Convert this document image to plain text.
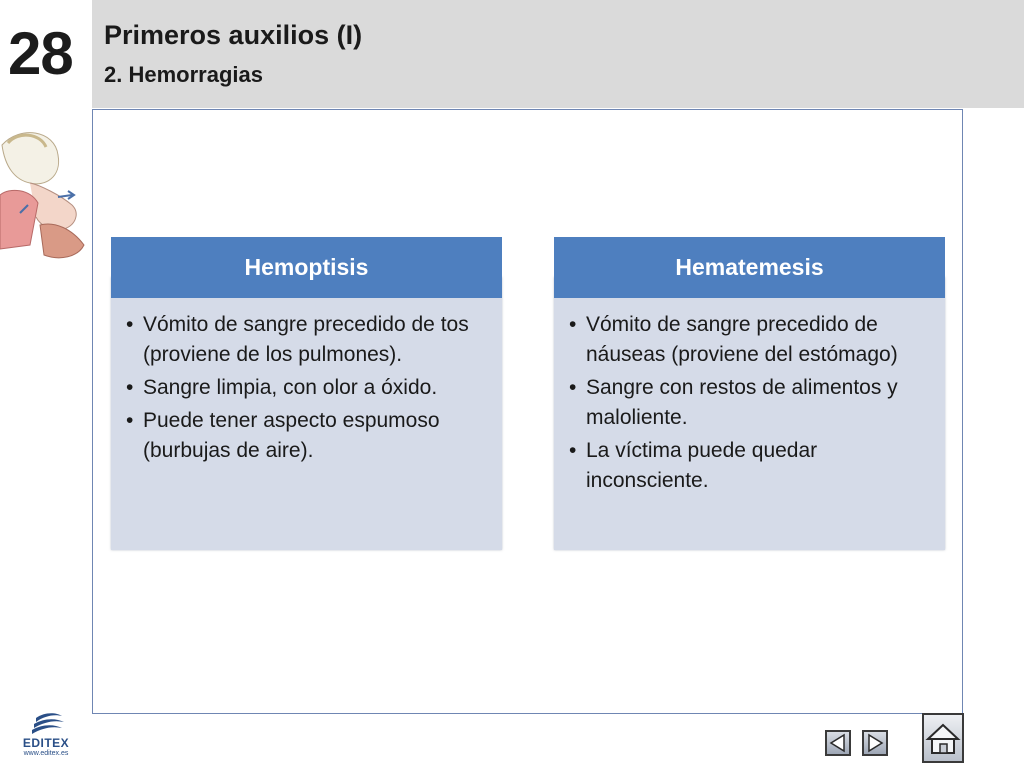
28	Primeros auxilios (I)
2. Hemorragias
Hemoptisis
• Vómito de sangre precedido de tos (proviene de los pulmones).
• Sangre limpia, con olor a óxido.
• Puede tener aspecto espumoso (burbujas de aire).
Hematemesis
• Vómito de sangre precedido de náuseas (proviene del estómago)
• Sangre con restos de alimentos y maloliente.
• La víctima puede quedar inconsciente.
EDITEX
www.editex.es
